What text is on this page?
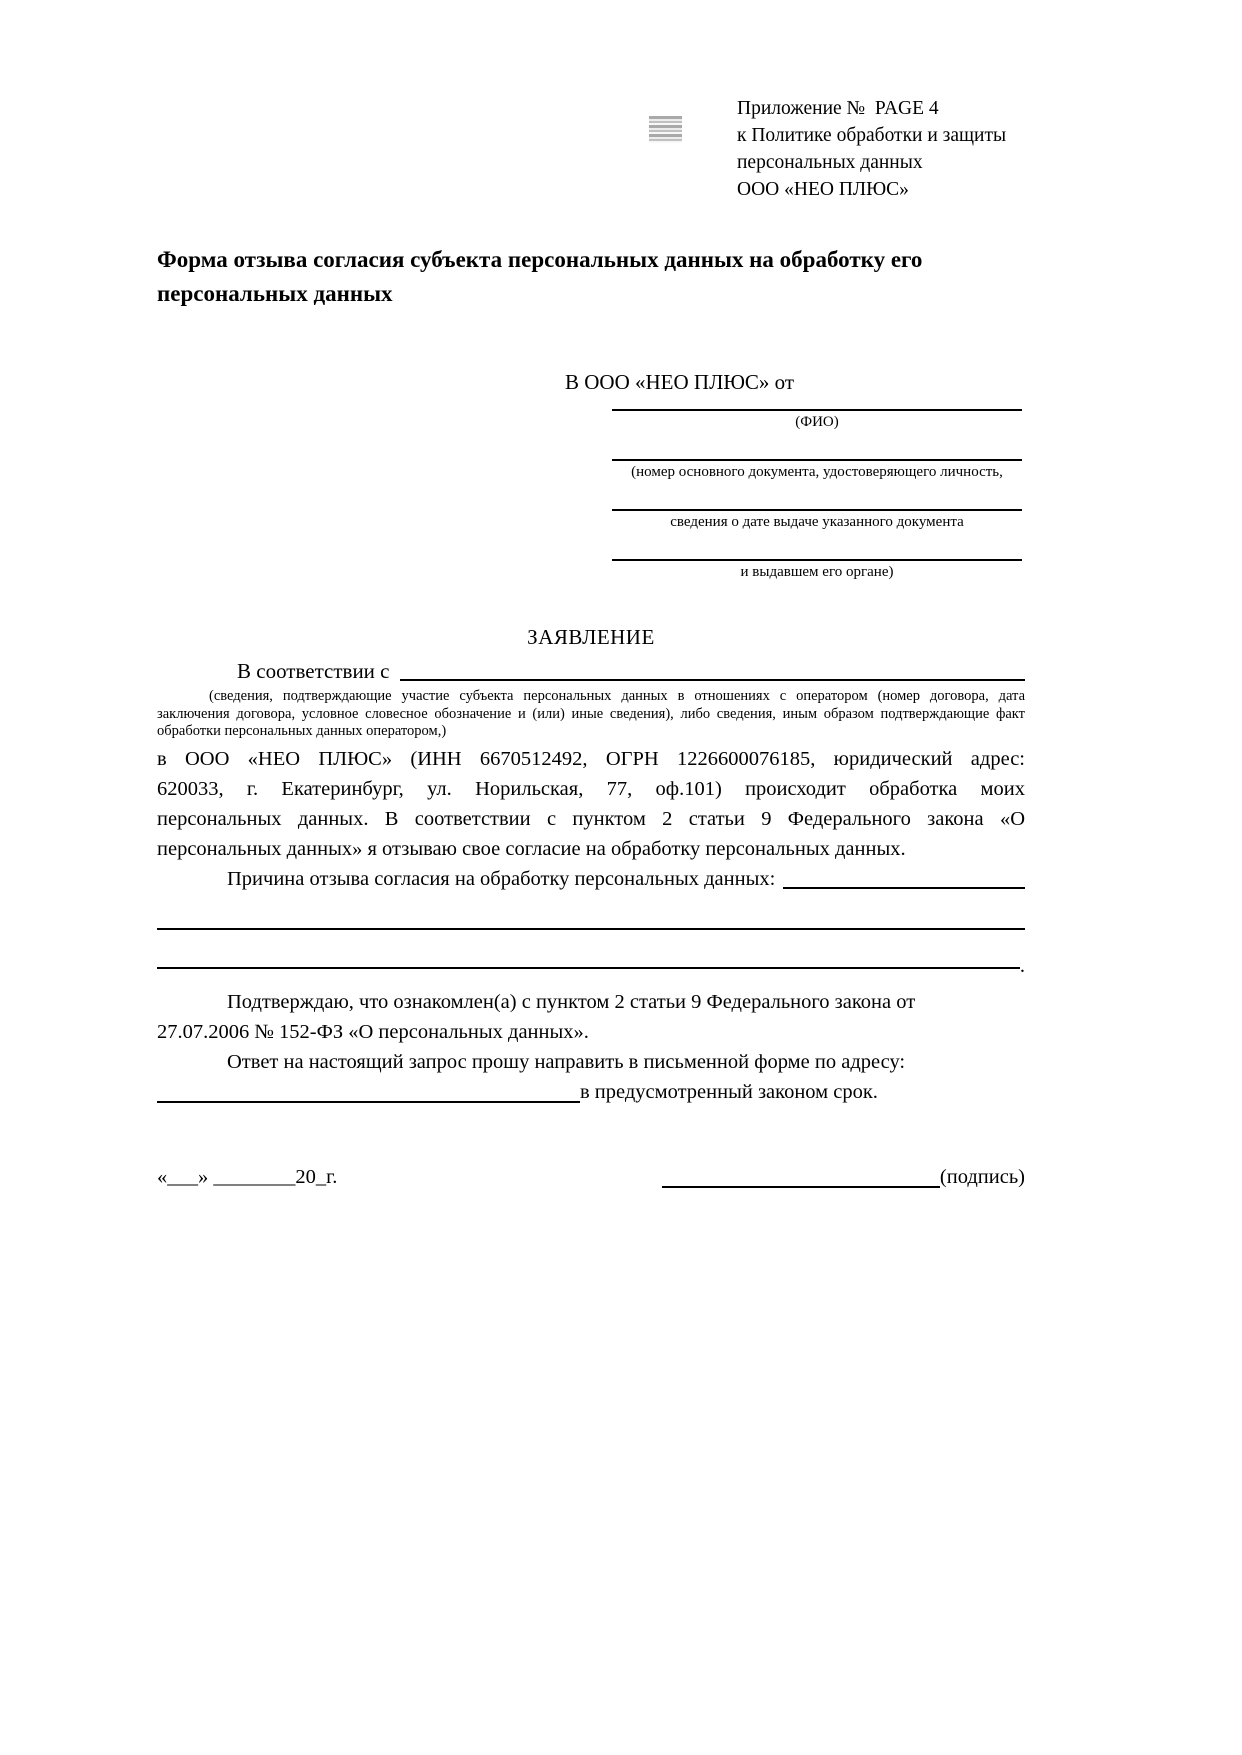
Приложение №  PAGE 4
к Политике обработки и защиты
персональных данных
ООО «НЕО ПЛЮС»
Форма отзыва согласия субъекта персональных данных на обработку его персональных данных
В ООО «НЕО ПЛЮС» от
(ФИО)
(номер основного документа, удостоверяющего личность,
сведения о дате выдаче указанного документа
и выдавшем его органе)
ЗАЯВЛЕНИЕ
В соответствии с
(сведения, подтверждающие участие субъекта персональных данных в отношениях с оператором (номер договора, дата
заключения договора, условное словесное обозначение и (или) иные сведения), либо сведения, иным образом подтверждающие факт
обработки персональных данных оператором,)
в ООО «НЕО ПЛЮС» (ИНН 6670512492, ОГРН 1226600076185, юридический адрес:
620033, г. Екатеринбург, ул. Норильская, 77, оф.101) происходит обработка моих
персональных данных. В соответствии с пунктом 2 статьи 9 Федерального закона «О
персональных данных» я отзываю свое согласие на обработку персональных данных.
Причина отзыва согласия на обработку персональных данных:
.
Подтверждаю, что ознакомлен(а) с пунктом 2 статьи 9 Федерального закона от
27.07.2006 № 152-ФЗ «О персональных данных».
Ответ на настоящий запрос прошу направить в письменной форме по адресу:
в предусмотренный законом срок.
«___» ________20_г.	(подпись)
